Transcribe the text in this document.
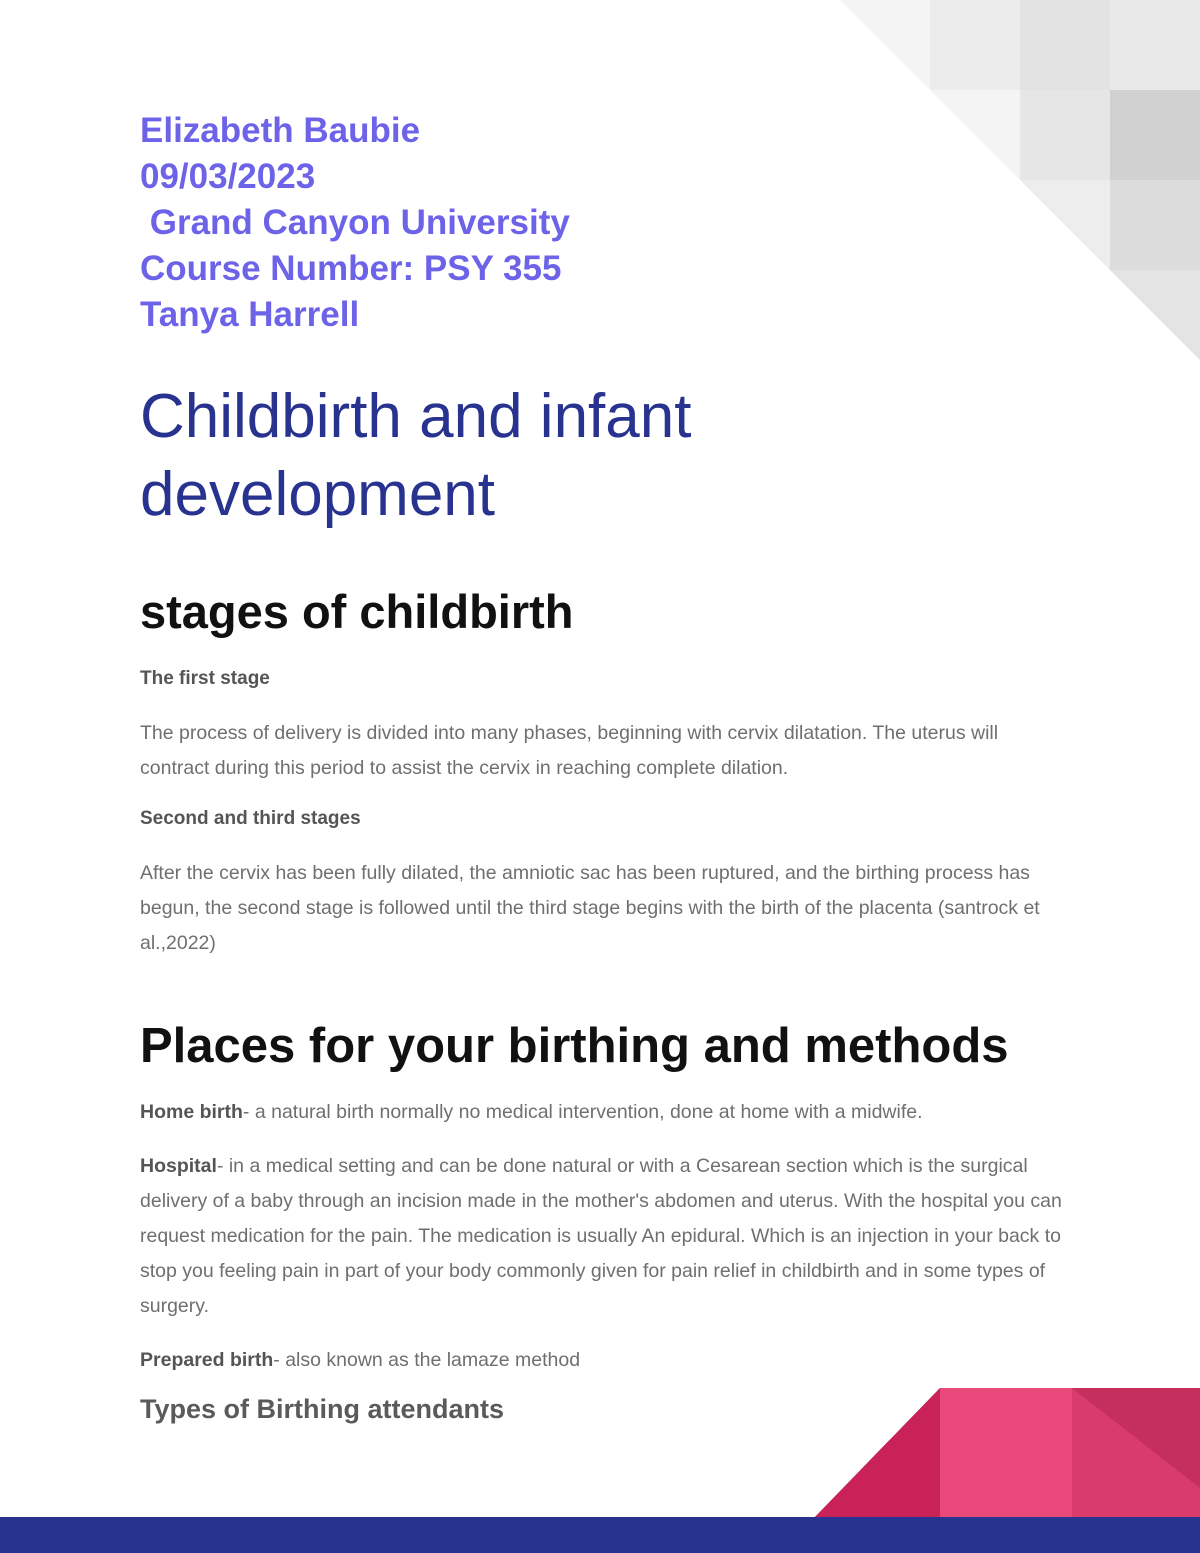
Elizabeth Baubie
09/03/2023
Grand Canyon University
Course Number: PSY 355
Tanya Harrell
Childbirth and infant
development
stages of childbirth

The first stage

The process of delivery is divided into many phases, beginning with cervix dilatation. The uterus will contract during this period to assist the cervix in reaching complete dilation.

Second and third stages

After the cervix has been fully dilated, the amniotic sac has been ruptured, and the birthing process has begun, the second stage is followed until the third stage begins with the birth of the placenta (santrock et al.,2022)

Places for your birthing and methods

Home birth- a natural birth normally no medical intervention, done at home with a midwife.

Hospital- in a medical setting and can be done natural or with a Cesarean section which is the surgical delivery of a baby through an incision made in the mother's abdomen and uterus. With the hospital you can request medication for the pain. The medication is usually An epidural. Which is an injection in your back to stop you feeling pain in part of your body commonly given for pain relief in childbirth and in some types of surgery.

Prepared birth- also known as the lamaze method

Types of Birthing attendants
